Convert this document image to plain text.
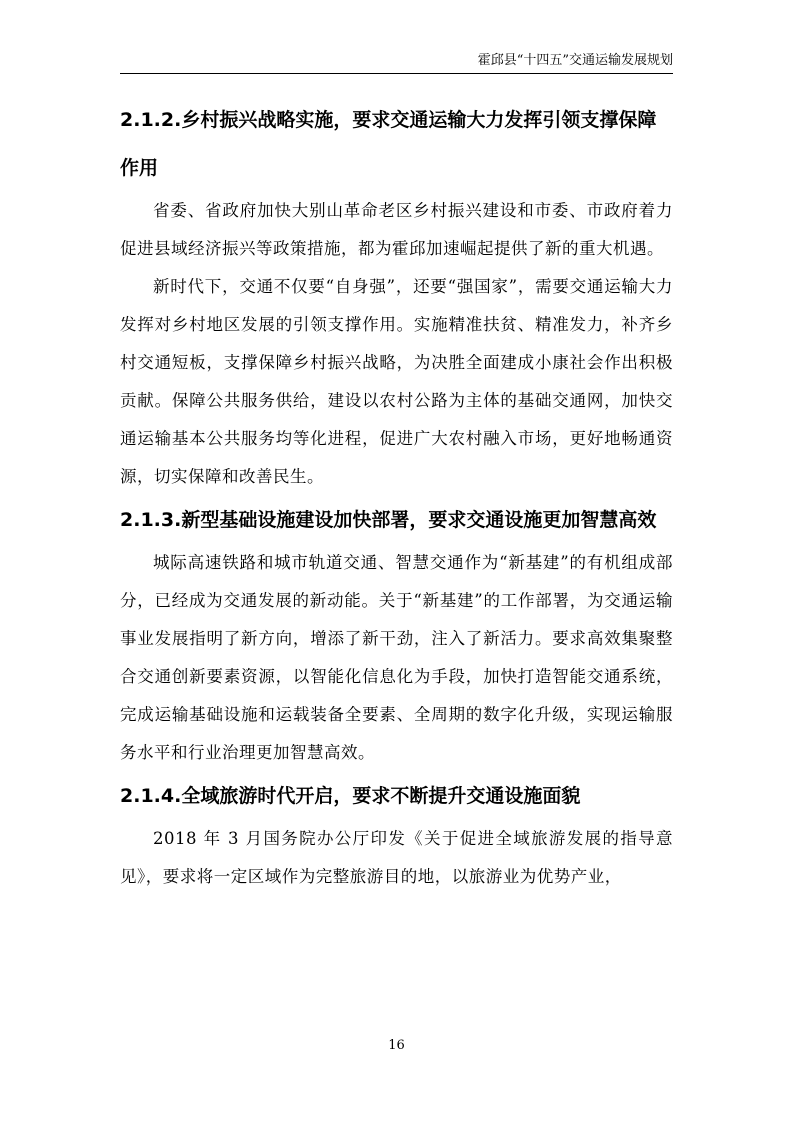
霍邱县“十四五”交通运输发展规划
2.1.2.乡村振兴战略实施，要求交通运输大力发挥引领支撑保障作用

省委、省政府加快大别山革命老区乡村振兴建设和市委、市政府着力促进县域经济振兴等政策措施，都为霍邱加速崛起提供了新的重大机遇。

新时代下，交通不仅要“自身强”，还要“强国家”，需要交通运输大力发挥对乡村地区发展的引领支撑作用。实施精准扶贫、精准发力，补齐乡村交通短板，支撑保障乡村振兴战略，为决胜全面建成小康社会作出积极贡献。保障公共服务供给，建设以农村公路为主体的基础交通网，加快交通运输基本公共服务均等化进程，促进广大农村融入市场，更好地畅通资源，切实保障和改善民生。

2.1.3.新型基础设施建设加快部署，要求交通设施更加智慧高效

城际高速铁路和城市轨道交通、智慧交通作为“新基建”的有机组成部分，已经成为交通发展的新动能。关于“新基建”的工作部署，为交通运输事业发展指明了新方向，增添了新干劲，注入了新活力。要求高效集聚整合交通创新要素资源，以智能化信息化为手段，加快打造智能交通系统，完成运输基础设施和运载装备全要素、全周期的数字化升级，实现运输服务水平和行业治理更加智慧高效。

2.1.4.全域旅游时代开启，要求不断提升交通设施面貌

2018 年 3 月国务院办公厅印发《关于促进全域旅游发展的指导意见》，要求将一定区域作为完整旅游目的地，以旅游业为优势产业，

16
